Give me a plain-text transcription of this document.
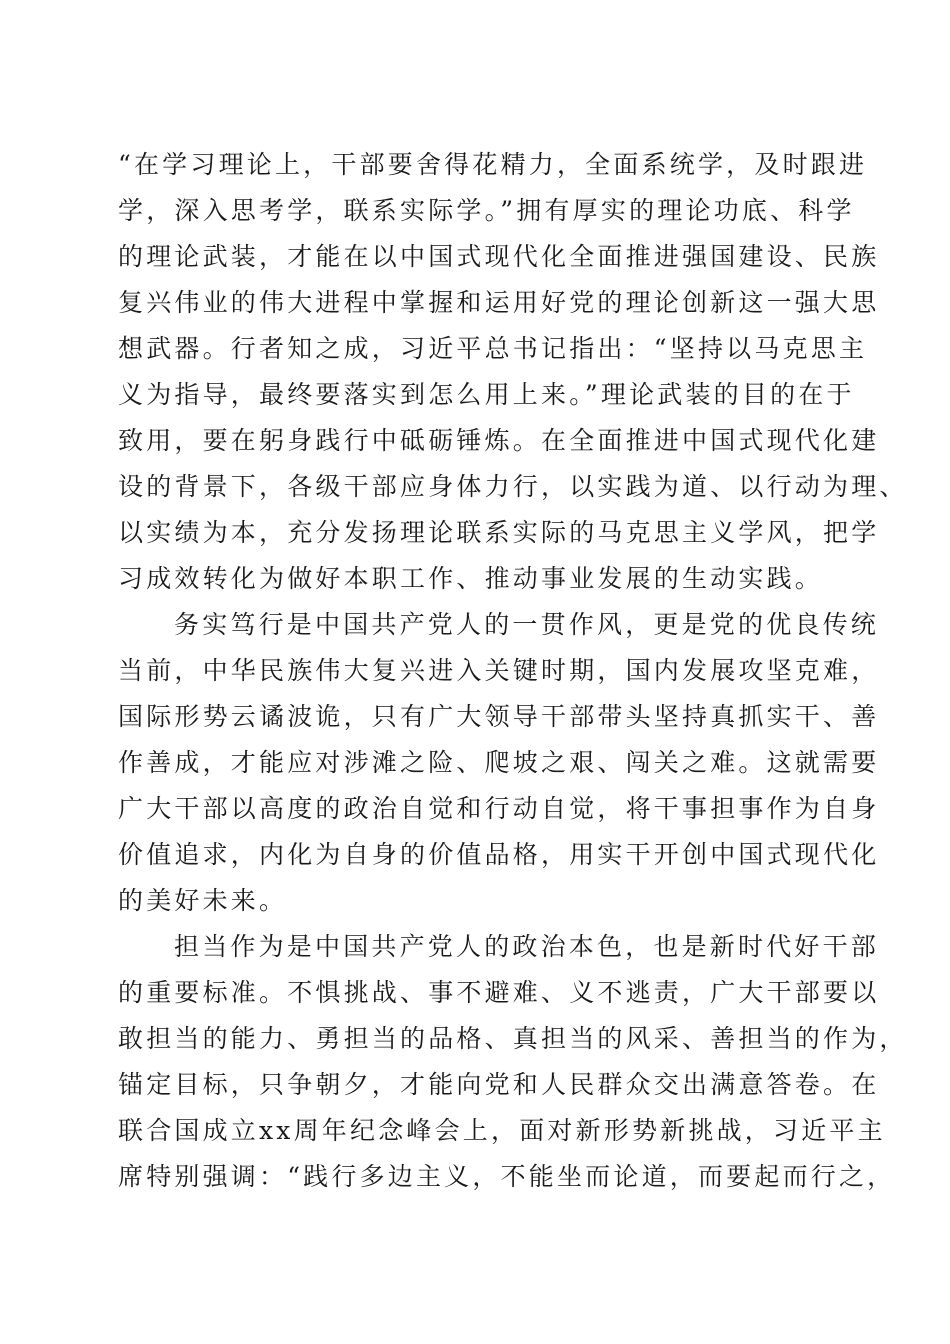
“在学习理论上，干部要舍得花精力，全面系统学，及时跟进
学，深入思考学，联系实际学。”拥有厚实的理论功底、科学
的理论武装，才能在以中国式现代化全面推进强国建设、民族
复兴伟业的伟大进程中掌握和运用好党的理论创新这一强大思
想武器。行者知之成，习近平总书记指出：“坚持以马克思主
义为指导，最终要落实到怎么用上来。”理论武装的目的在于
致用，要在躬身践行中砥砺锤炼。在全面推进中国式现代化建
设的背景下，各级干部应身体力行，以实践为道、以行动为理、
以实绩为本，充分发扬理论联系实际的马克思主义学风，把学
习成效转化为做好本职工作、推动事业发展的生动实践。
务实笃行是中国共产党人的一贯作风，更是党的优良传统
当前，中华民族伟大复兴进入关键时期，国内发展攻坚克难，
国际形势云谲波诡，只有广大领导干部带头坚持真抓实干、善
作善成，才能应对涉滩之险、爬坡之艰、闯关之难。这就需要
广大干部以高度的政治自觉和行动自觉，将干事担事作为自身
价值追求，内化为自身的价值品格，用实干开创中国式现代化
的美好未来。
担当作为是中国共产党人的政治本色，也是新时代好干部
的重要标准。不惧挑战、事不避难、义不逃责，广大干部要以
敢担当的能力、勇担当的品格、真担当的风采、善担当的作为，
锚定目标，只争朝夕，才能向党和人民群众交出满意答卷。在
联合国成立xx周年纪念峰会上，面对新形势新挑战，习近平主
席特别强调：“践行多边主义，不能坐而论道，而要起而行之，
